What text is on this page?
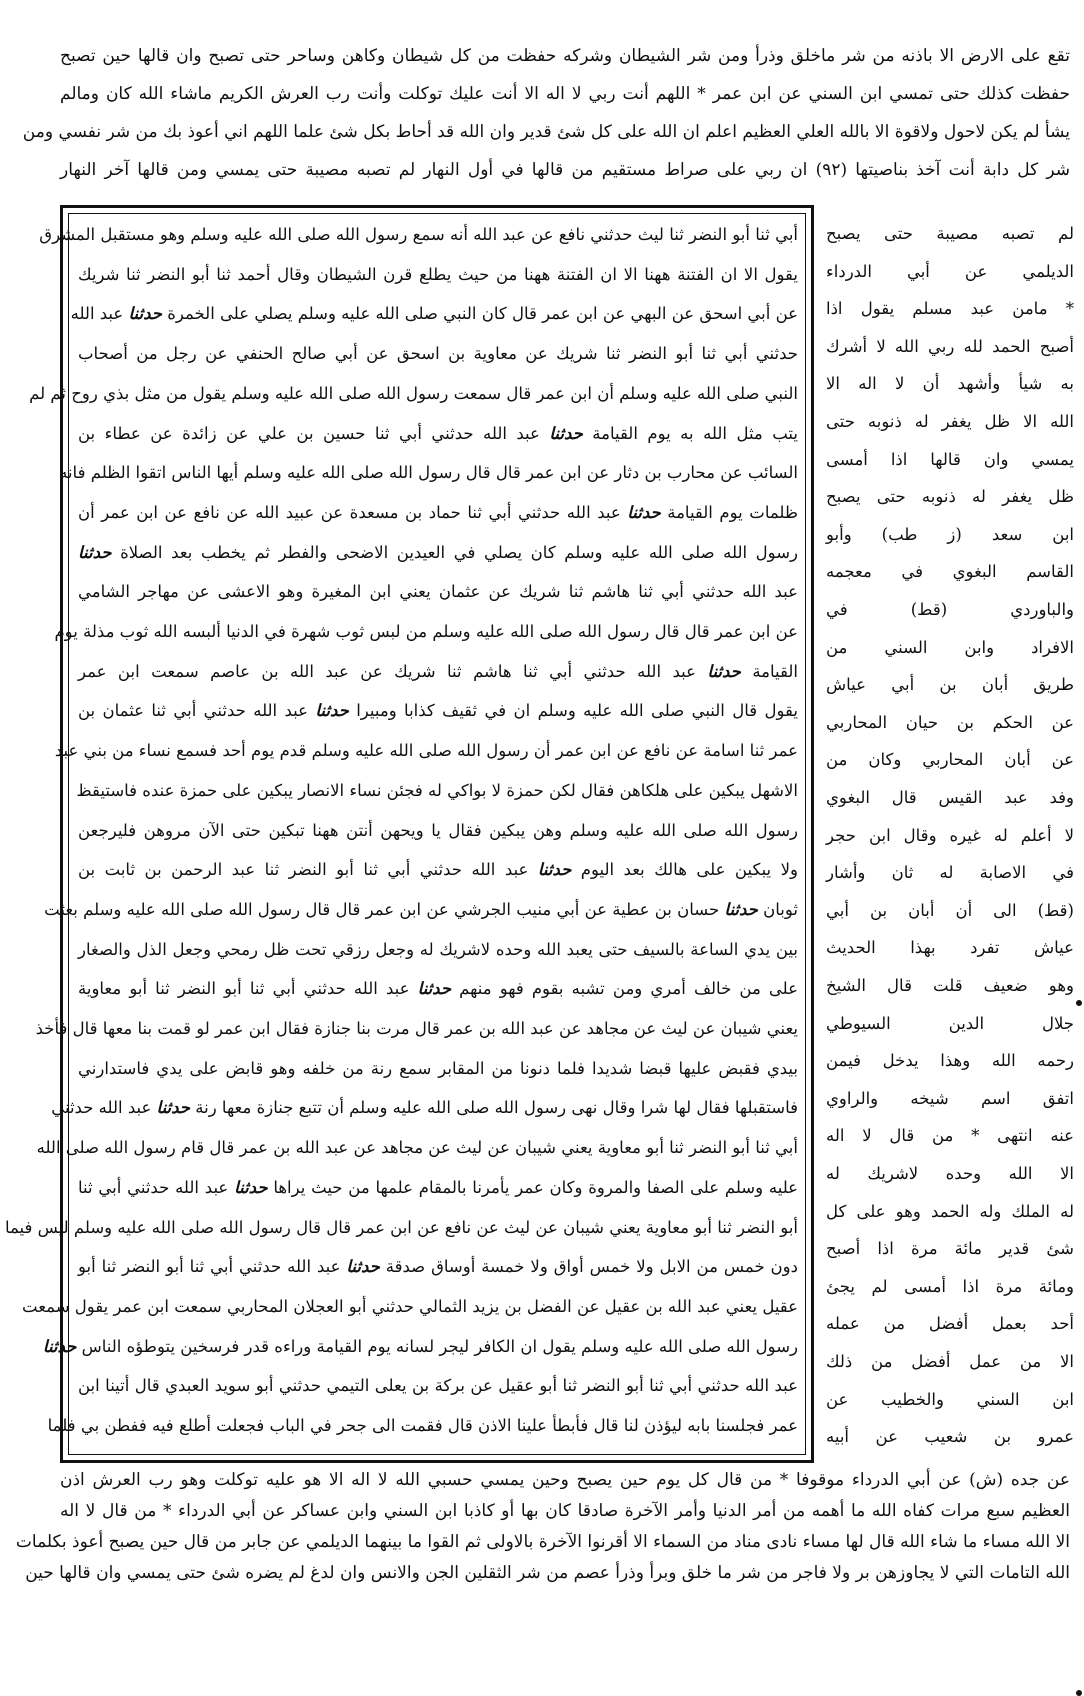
تقع على الارض الا باذنه من شر ماخلق وذرأ ومن شر الشيطان وشركه حفظت من كل شيطان وكاهن وساحر حتى تصبح وان قالها حين تصبح
حفظت كذلك حتى تمسي ابن السني عن ابن عمر * اللهم أنت ربي لا اله الا أنت عليك توكلت وأنت رب العرش الكريم ماشاء الله كان ومالم
يشأ لم يكن لاحول ولاقوة الا بالله العلي العظيم اعلم ان الله على كل شئ قدير وان الله قد أحاط بكل شئ علما اللهم اني أعوذ بك من شر نفسي ومن
شر كل دابة أنت آخذ بناصيتها (٩٢) ان ربي على صراط مستقيم من قالها في أول النهار لم تصبه مصيبة حتى يمسي ومن قالها آخر النهار
أبي ثنا أبو النضر ثنا ليث حدثني نافع عن عبد الله أنه سمع رسول الله صلى الله عليه وسلم وهو مستقبل المشرق
يقول الا ان الفتنة ههنا الا ان الفتنة ههنا من حيث يطلع قرن الشيطان وقال أحمد ثنا أبو النضر ثنا شريك
عن أبي اسحق عن البهي عن ابن عمر قال كان النبي صلى الله عليه وسلم يصلي على الخمرة حدثنا عبد الله
حدثني أبي ثنا أبو النضر ثنا شريك عن معاوية بن اسحق عن أبي صالح الحنفي عن رجل من أصحاب
النبي صلى الله عليه وسلم أن ابن عمر قال سمعت رسول الله صلى الله عليه وسلم يقول من مثل بذي روح ثم لم
يتب مثل الله به يوم القيامة حدثنا عبد الله حدثني أبي ثنا حسين بن علي عن زائدة عن عطاء بن
السائب عن محارب بن دثار عن ابن عمر قال قال رسول الله صلى الله عليه وسلم أيها الناس اتقوا الظلم فانه
ظلمات يوم القيامة حدثنا عبد الله حدثني أبي ثنا حماد بن مسعدة عن عبيد الله عن نافع عن ابن عمر أن
رسول الله صلى الله عليه وسلم كان يصلي في العيدين الاضحى والفطر ثم يخطب بعد الصلاة حدثنا
عبد الله حدثني أبي ثنا هاشم ثنا شريك عن عثمان يعني ابن المغيرة وهو الاعشى عن مهاجر الشامي
عن ابن عمر قال قال رسول الله صلى الله عليه وسلم من لبس ثوب شهرة في الدنيا ألبسه الله ثوب مذلة يوم
القيامة حدثنا عبد الله حدثني أبي ثنا هاشم ثنا شريك عن عبد الله بن عاصم سمعت ابن عمر
يقول قال النبي صلى الله عليه وسلم ان في ثقيف كذابا ومبيرا حدثنا عبد الله حدثني أبي ثنا عثمان بن
عمر ثنا اسامة عن نافع عن ابن عمر أن رسول الله صلى الله عليه وسلم قدم يوم أحد فسمع نساء من بني عبد
الاشهل يبكين على هلكاهن فقال لكن حمزة لا بواكي له فجئن نساء الانصار يبكين على حمزة عنده فاستيقظ
رسول الله صلى الله عليه وسلم وهن يبكين فقال يا ويحهن أنتن ههنا تبكين حتى الآن مروهن فليرجعن
ولا يبكين على هالك بعد اليوم حدثنا عبد الله حدثني أبي ثنا أبو النضر ثنا عبد الرحمن بن ثابت بن
ثوبان حدثنا حسان بن عطية عن أبي منيب الجرشي عن ابن عمر قال قال رسول الله صلى الله عليه وسلم بعثت
بين يدي الساعة بالسيف حتى يعبد الله وحده لاشريك له وجعل رزقي تحت ظل رمحي وجعل الذل والصغار
على من خالف أمري ومن تشبه بقوم فهو منهم حدثنا عبد الله حدثني أبي ثنا أبو النضر ثنا أبو معاوية
يعني شيبان عن ليث عن مجاهد عن عبد الله بن عمر قال مرت بنا جنازة فقال ابن عمر لو قمت بنا معها قال فأخذ
بيدي فقبض عليها قبضا شديدا فلما دنونا من المقابر سمع رنة من خلفه وهو قابض على يدي فاستدارني
فاستقبلها فقال لها شرا وقال نهى رسول الله صلى الله عليه وسلم أن تتبع جنازة معها رنة حدثنا عبد الله حدثني
أبي ثنا أبو النضر ثنا أبو معاوية يعني شيبان عن ليث عن مجاهد عن عبد الله بن عمر قال قام رسول الله صلى الله
عليه وسلم على الصفا والمروة وكان عمر يأمرنا بالمقام علمها من حيث يراها حدثنا عبد الله حدثني أبي ثنا
أبو النضر ثنا أبو معاوية يعني شيبان عن ليث عن نافع عن ابن عمر قال قال رسول الله صلى الله عليه وسلم ليس فيما
دون خمس من الابل ولا خمس أواق ولا خمسة أوساق صدقة حدثنا عبد الله حدثني أبي ثنا أبو النضر ثنا أبو
عقيل يعني عبد الله بن عقيل عن الفضل بن يزيد الثمالي حدثني أبو العجلان المحاربي سمعت ابن عمر يقول سمعت
رسول الله صلى الله عليه وسلم يقول ان الكافر ليجر لسانه يوم القيامة وراءه قدر فرسخين يتوطؤه الناس حدثنا
عبد الله حدثني أبي ثنا أبو النضر ثنا أبو عقيل عن بركة بن يعلى التيمي حدثني أبو سويد العبدي قال أتينا ابن
عمر فجلسنا بابه ليؤذن لنا قال فأبطأ علينا الاذن قال فقمت الى جحر في الباب فجعلت أطلع فيه ففطن بي فلما
لم تصبه مصيبة حتى يصبح
الديلمي عن أبي الدرداء
* مامن عبد مسلم يقول اذا
أصبح الحمد لله ربي الله لا أشرك
به شيأ وأشهد أن لا اله الا
الله الا ظل يغفر له ذنوبه حتى
يمسي وان قالها اذا أمسى
ظل يغفر له ذنوبه حتى يصبح
ابن سعد (ز طب) وأبو
القاسم البغوي في معجمه
والباوردي (قط) في
الافراد وابن السني من
طريق أبان بن أبي عياش
عن الحكم بن حيان المحاربي
عن أبان المحاربي وكان من
وفد عبد القيس قال البغوي
لا أعلم له غيره وقال ابن حجر
في الاصابة له ثان وأشار
(قط) الى أن أبان بن أبي
عياش تفرد بهذا الحديث
وهو ضعيف قلت قال الشيخ
جلال الدين السيوطي
رحمه الله وهذا يدخل فيمن
اتفق اسم شيخه والراوي
عنه انتهى * من قال لا اله
الا الله وحده لاشريك له
له الملك وله الحمد وهو على كل
شئ قدير مائة مرة اذا أصبح
ومائة مرة اذا أمسى لم يجئ
أحد بعمل أفضل من عمله
الا من عمل أفضل من ذلك
ابن السني والخطيب عن
عمرو بن شعيب عن أبيه
عن جده (ش) عن أبي الدرداء موقوفا * من قال كل يوم حين يصبح وحين يمسي حسبي الله لا اله الا هو عليه توكلت وهو رب العرش اذن
العظيم سبع مرات كفاه الله ما أهمه من أمر الدنيا وأمر الآخرة صادقا كان بها أو كاذبا ابن السني وابن عساكر عن أبي الدرداء * من قال لا اله
الا الله مساء ما شاء الله قال لها مساء نادى مناد من السماء الا أقرنوا الآخرة بالاولى ثم القوا ما بينهما الديلمي عن جابر من قال حين يصبح أعوذ بكلمات
الله التامات التي لا يجاوزهن بر ولا فاجر من شر ما خلق وبرأ وذرأ عصم من شر الثقلين الجن والانس وان لدغ لم يضره شئ حتى يمسي وان قالها حين
